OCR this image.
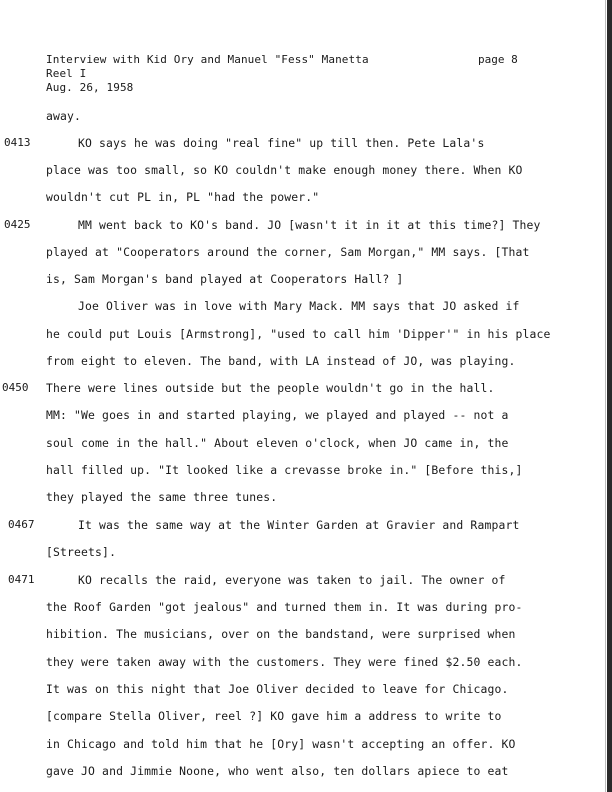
Interview with Kid Ory and Manuel "Fess" Manetta	page 8
Reel I
Aug. 26, 1958
away.
0413	KO says he was doing "real fine" up till then. Pete Lala's
place was too small, so KO couldn't make enough money there. When KO
wouldn't cut PL in, PL "had the power."
0425	MM went back to KO's band. JO [wasn't it in it at this time?] They
played at "Cooperators around the corner, Sam Morgan," MM says. [That
is, Sam Morgan's band played at Cooperators Hall? ]
Joe Oliver was in love with Mary Mack. MM says that JO asked if
he could put Louis [Armstrong], "used to call him 'Dipper'" in his place
from eight to eleven. The band, with LA instead of JO, was playing.
0450 There were lines outside but the people wouldn't go in the hall.
MM: "We goes in and started playing, we played and played -- not a
soul come in the hall." About eleven o'clock, when JO came in, the
hall filled up. "It looked like a crevasse broke in." [Before this,]
they played the same three tunes.
0467	It was the same way at the Winter Garden at Gravier and Rampart
[Streets].
0471	KO recalls the raid, everyone was taken to jail. The owner of
the Roof Garden "got jealous" and turned them in. It was during pro-
hibition. The musicians, over on the bandstand, were surprised when
they were taken away with the customers. They were fined $2.50 each.
It was on this night that Joe Oliver decided to leave for Chicago.
[compare Stella Oliver, reel ?] KO gave him a address to write to
in Chicago and told him that he [Ory] wasn't accepting an offer. KO
gave JO and Jimmie Noone, who went also, ten dollars apiece to eat
